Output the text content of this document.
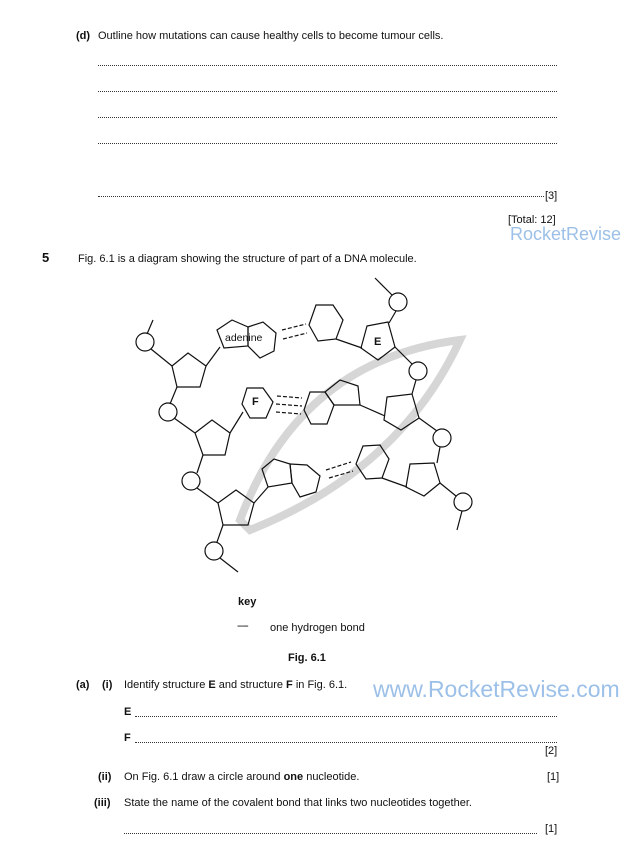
(d) Outline how mutations can cause healthy cells to become tumour cells.
[3]
[Total: 12]
RocketRevise
5	Fig. 6.1 is a diagram showing the structure of part of a DNA molecule.
adenine	E
F
key
---- one hydrogen bond
Fig. 6.1
www.RocketRevise.com
(a) (i) Identify structure E and structure F in Fig. 6.1.
E
F
[2]
(ii) On Fig. 6.1 draw a circle around one nucleotide.	[1]
(iii) State the name of the covalent bond that links two nucleotides together.
[1]
